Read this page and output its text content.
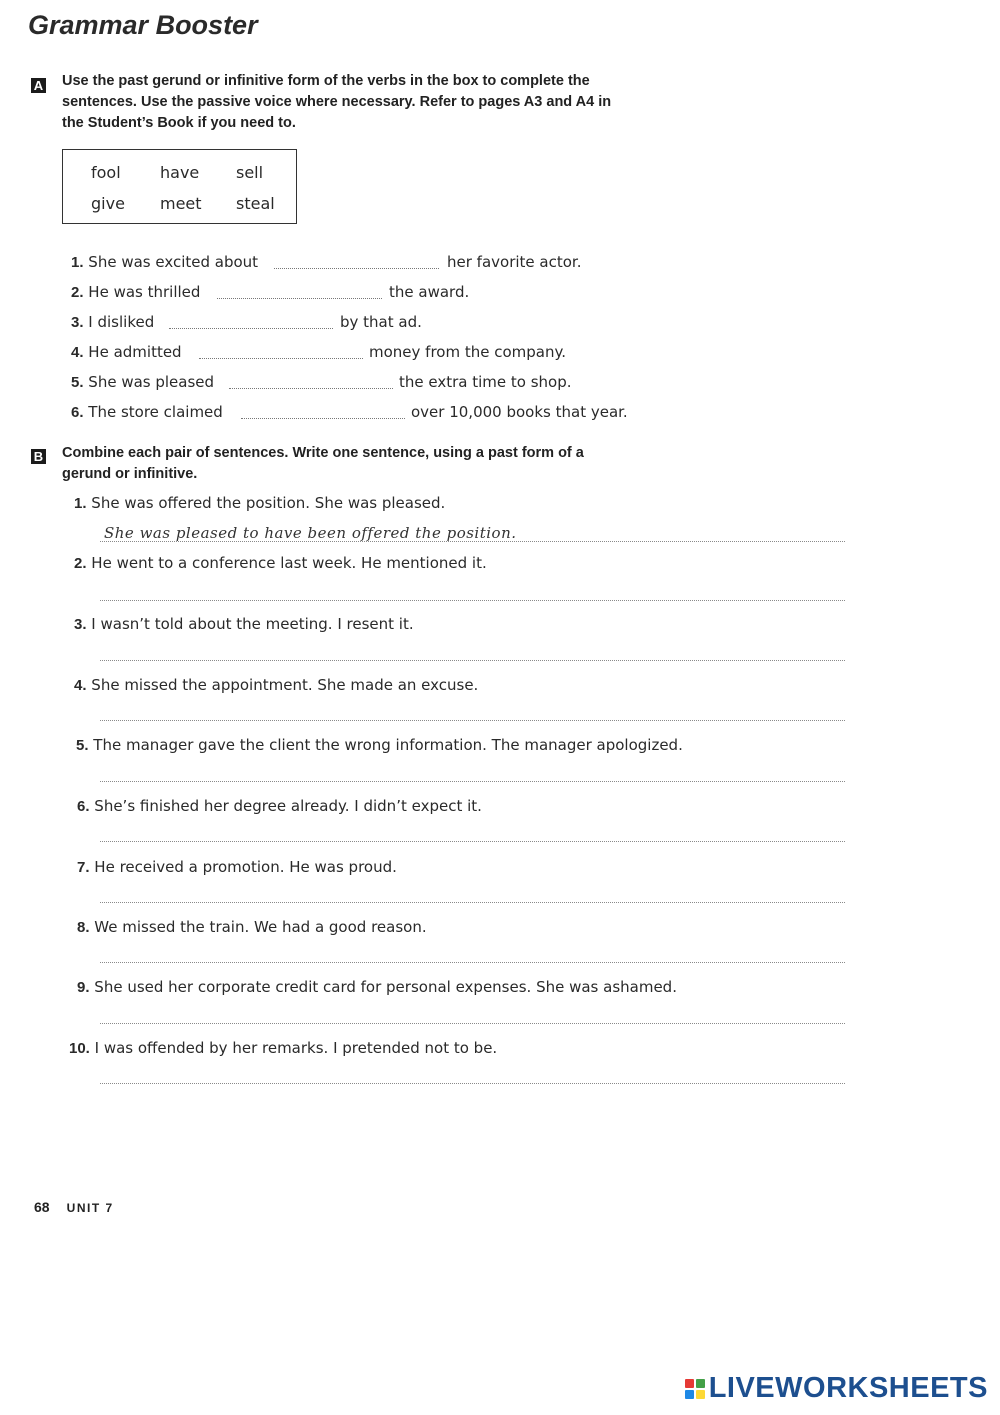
Grammar Booster
A Use the past gerund or infinitive form of the verbs in the box to complete the
sentences. Use the passive voice where necessary. Refer to pages A3 and A4 in
the Student’s Book if you need to.
fool have sell
give meet steal
1. She was excited about	her favorite actor.
2. He was thrilled	the award.
3. I disliked	by that ad.
4. He admitted	money from the company.
5. She was pleased	the extra time to shop.
6. The store claimed	over 10,000 books that year.
B Combine each pair of sentences. Write one sentence, using a past form of a
gerund or infinitive.
1. She was offered the position. She was pleased.
She was pleased to have been offered the position.
2. He went to a conference last week. He mentioned it.
3. I wasn’t told about the meeting. I resent it.
4. She missed the appointment. She made an excuse.
5. The manager gave the client the wrong information. The manager apologized.
6. She’s finished her degree already. I didn’t expect it.
7. He received a promotion. He was proud.
8. We missed the train. We had a good reason.
9. She used her corporate credit card for personal expenses. She was ashamed.
10. I was offended by her remarks. I pretended not to be.
68 UNIT 7
LIVEWORKSHEETS
